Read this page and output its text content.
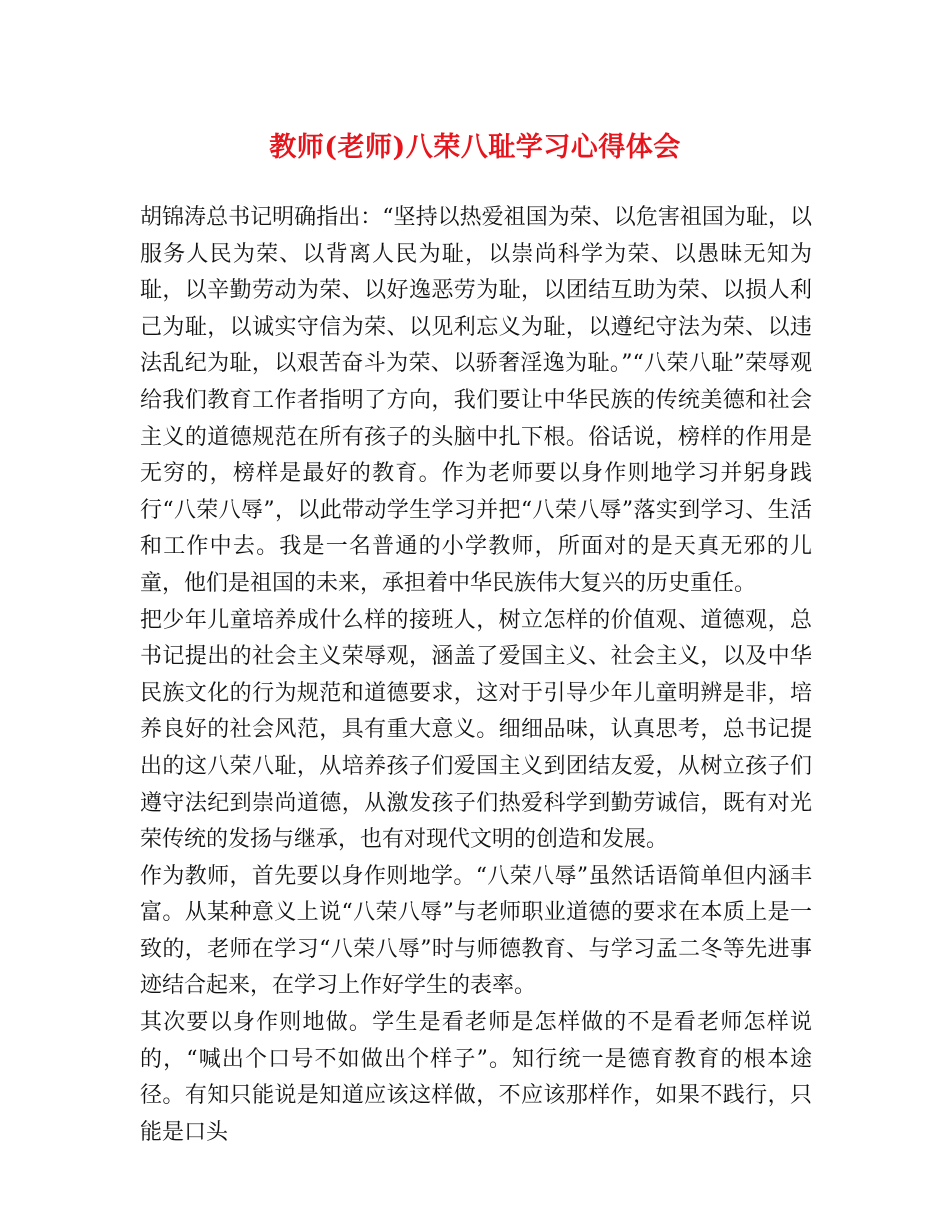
教师(老师)八荣八耻学习心得体会

胡锦涛总书记明确指出：“坚持以热爱祖国为荣、以危害祖国为耻，以服务人民为荣、以背离人民为耻，以崇尚科学为荣、以愚昧无知为耻，以辛勤劳动为荣、以好逸恶劳为耻，以团结互助为荣、以损人利己为耻，以诚实守信为荣、以见利忘义为耻，以遵纪守法为荣、以违法乱纪为耻，以艰苦奋斗为荣、以骄奢淫逸为耻。”“八荣八耻”荣辱观给我们教育工作者指明了方向，我们要让中华民族的传统美德和社会主义的道德规范在所有孩子的头脑中扎下根。俗话说，榜样的作用是无穷的，榜样是最好的教育。作为老师要以身作则地学习并躬身践行“八荣八辱”，以此带动学生学习并把“八荣八辱”落实到学习、生活和工作中去。我是一名普通的小学教师，所面对的是天真无邪的儿童，他们是祖国的未来，承担着中华民族伟大复兴的历史重任。

把少年儿童培养成什么样的接班人，树立怎样的价值观、道德观，总书记提出的社会主义荣辱观，涵盖了爱国主义、社会主义，以及中华民族文化的行为规范和道德要求，这对于引导少年儿童明辨是非，培养良好的社会风范，具有重大意义。细细品味，认真思考，总书记提出的这八荣八耻，从培养孩子们爱国主义到团结友爱，从树立孩子们遵守法纪到崇尚道德，从激发孩子们热爱科学到勤劳诚信，既有对光荣传统的发扬与继承，也有对现代文明的创造和发展。

作为教师，首先要以身作则地学。“八荣八辱”虽然话语简单但内涵丰富。从某种意义上说“八荣八辱”与老师职业道德的要求在本质上是一致的，老师在学习“八荣八辱”时与师德教育、与学习孟二冬等先进事迹结合起来，在学习上作好学生的表率。

其次要以身作则地做。学生是看老师是怎样做的不是看老师怎样说的，“喊出个口号不如做出个样子”。知行统一是德育教育的根本途径。有知只能说是知道应该这样做，不应该那样作，如果不践行，只能是口头
